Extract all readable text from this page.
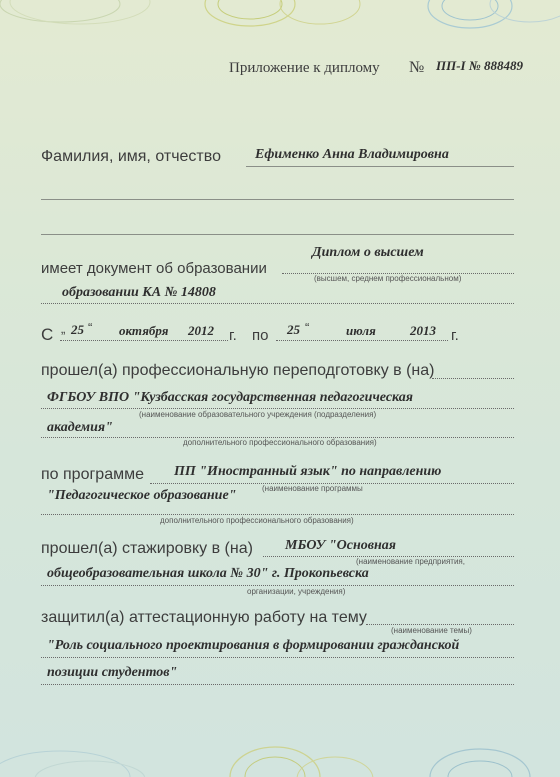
Приложение к диплому № ПП-I № 888489
Фамилия, имя, отчество Ефименко Анна Владимировна
Диплом о высшем
имеет документ об образовании
(высшем, среднем профессиональном)
образовании КА № 14808
С „ 25 “ октября 2012 г. по 25 “	июля	2013 г.
прошел(а) профессиональную переподготовку в (на)
ФГБОУ ВПО "Кузбасская государственная педагогическая
(наименование образовательного учреждения (подразделения)
академия"
дополнительного профессионального образования)
по программе ПП "Иностранный язык" по направлению
(наименование программы
"Педагогическое образование"
дополнительного профессионального образования)
прошел(а) стажировку в (на) МБОУ "Основная
(наименование предприятия,
общеобразовательная школа № 30" г. Прокопьевска
организации, учреждения)
защитил(а) аттестационную работу на тему
(наименование темы)
"Роль социального проектирования в формировании гражданской
позиции студентов"
